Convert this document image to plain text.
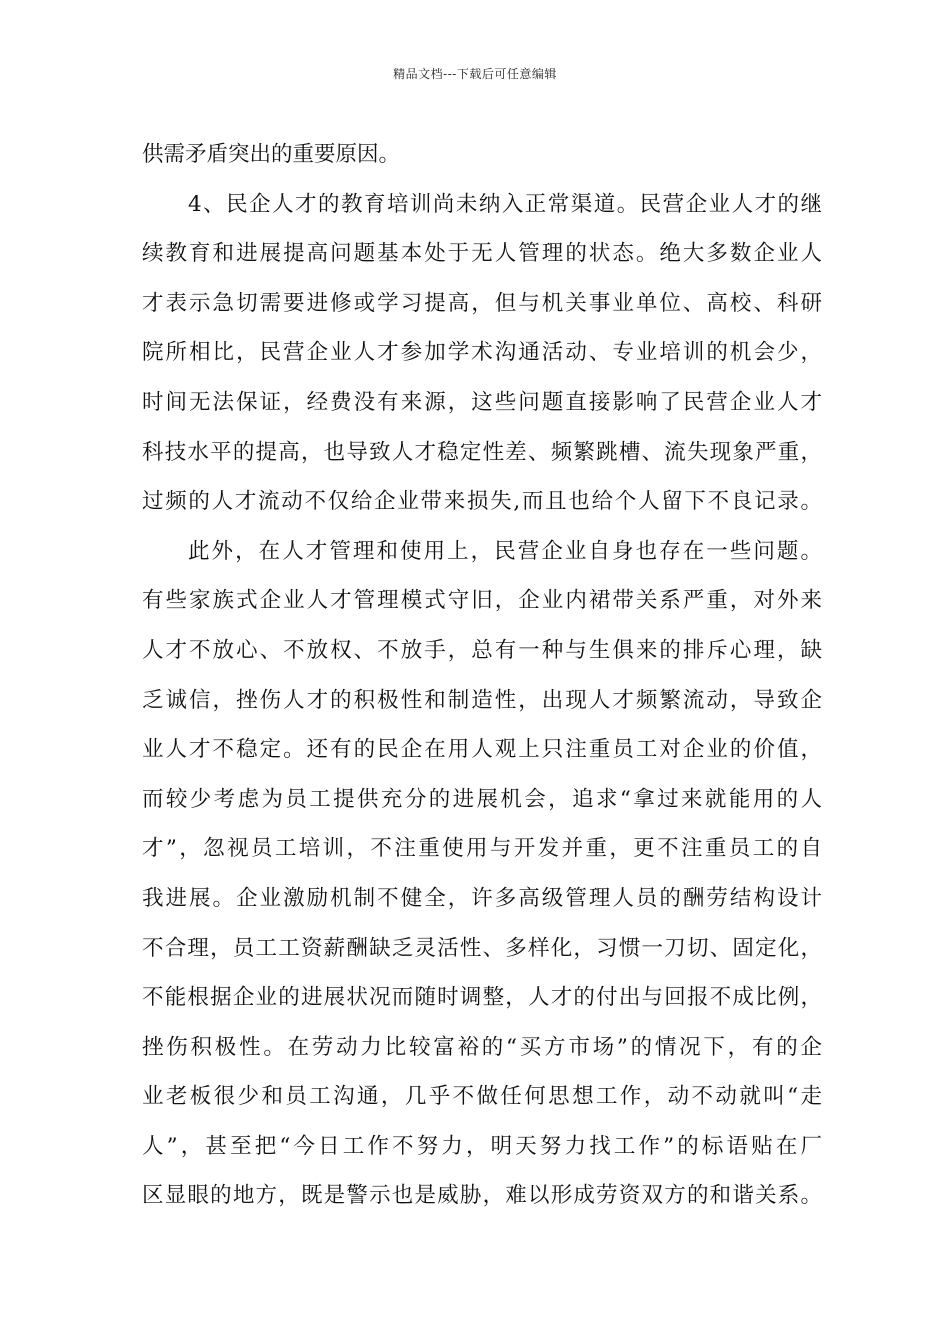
精品文档---下载后可任意编辑
供需矛盾突出的重要原因。
4、民企人才的教育培训尚未纳入正常渠道。民营企业人才的继
续教育和进展提高问题基本处于无人管理的状态。绝大多数企业人
才表示急切需要进修或学习提高，但与机关事业单位、高校、科研
院所相比，民营企业人才参加学术沟通活动、专业培训的机会少，
时间无法保证，经费没有来源，这些问题直接影响了民营企业人才
科技水平的提高，也导致人才稳定性差、频繁跳槽、流失现象严重，
过频的人才流动不仅给企业带来损失,而且也给个人留下不良记录。
此外，在人才管理和使用上，民营企业自身也存在一些问题。
有些家族式企业人才管理模式守旧，企业内裙带关系严重，对外来
人才不放心、不放权、不放手，总有一种与生俱来的排斥心理，缺
乏诚信，挫伤人才的积极性和制造性，出现人才频繁流动，导致企
业人才不稳定。还有的民企在用人观上只注重员工对企业的价值，
而较少考虑为员工提供充分的进展机会，追求“拿过来就能用的人
才”，忽视员工培训，不注重使用与开发并重，更不注重员工的自
我进展。企业激励机制不健全，许多高级管理人员的酬劳结构设计
不合理，员工工资薪酬缺乏灵活性、多样化，习惯一刀切、固定化，
不能根据企业的进展状况而随时调整，人才的付出与回报不成比例，
挫伤积极性。在劳动力比较富裕的“买方市场”的情况下，有的企
业老板很少和员工沟通，几乎不做任何思想工作，动不动就叫“走
人”，甚至把“今日工作不努力，明天努力找工作”的标语贴在厂
区显眼的地方，既是警示也是威胁，难以形成劳资双方的和谐关系。
